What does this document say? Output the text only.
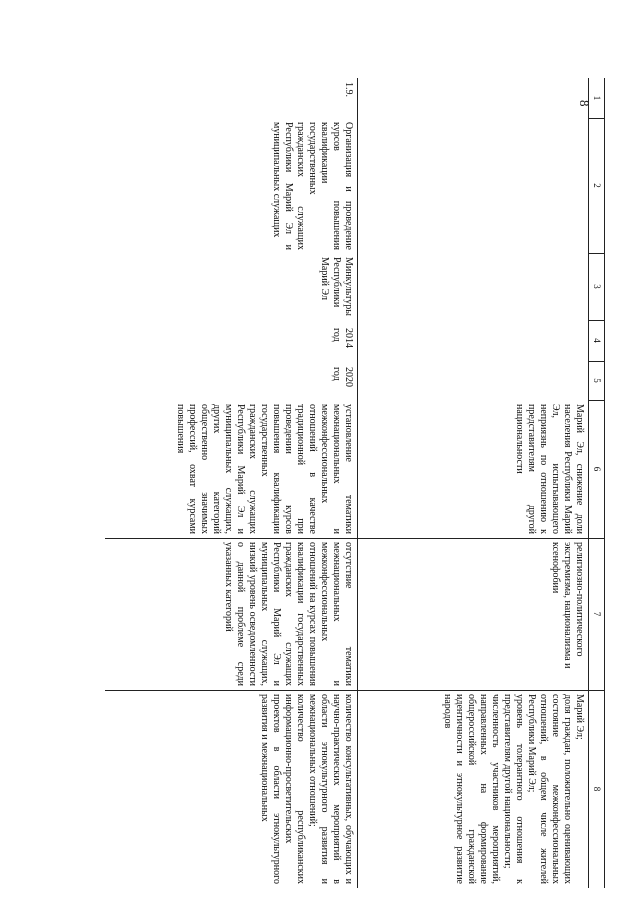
8
1
2
3
4
5
6
7
8
Марий Эл, снижение доли населения Республики Марий Эл, испытывающего неприязнь по отношению к представителям другой национальности
религиозно-политического экстремизма, национализма и ксенофобии
Марий Эл;
доля граждан, положительно оценивающих состояние межконфессиональных отношений, в общем числе жителей Республики Марий Эл;
уровень толерантного отношения к представителям другой национальности;
численность участников мероприятий, направленных на формирование общероссийской гражданской идентичности и этнокультурное развитие народов
1.9.
Организация и проведение курсов повышения квалификации государственных гражданских служащих Республики Марий Эл и муниципальных служащих
Минкультуры Республики Марий Эл
2014 год
2020 год
установление тематики межнациональных и межконфессиональных отношений в качестве традиционной при проведении курсов повышения квалификации государственных гражданских служащих Республики Марий Эл и муниципальных служащих, других категорий общественно значимых профессий, охват курсами повышения
отсутствие тематики межнациональных и межконфессиональных отношений на курсах повышения квалификации государственных гражданских служащих Республики Марий Эл и муниципальных служащих, низкий уровень осведомленности о данной проблеме среди указанных категорий
количество консультативных, обучающих и научно-практических мероприятий в области этнокультурного развития и межнациональных отношений;
количество республиканских информационно-просветительских проектов в области этнокультурного развития и межнациональных
